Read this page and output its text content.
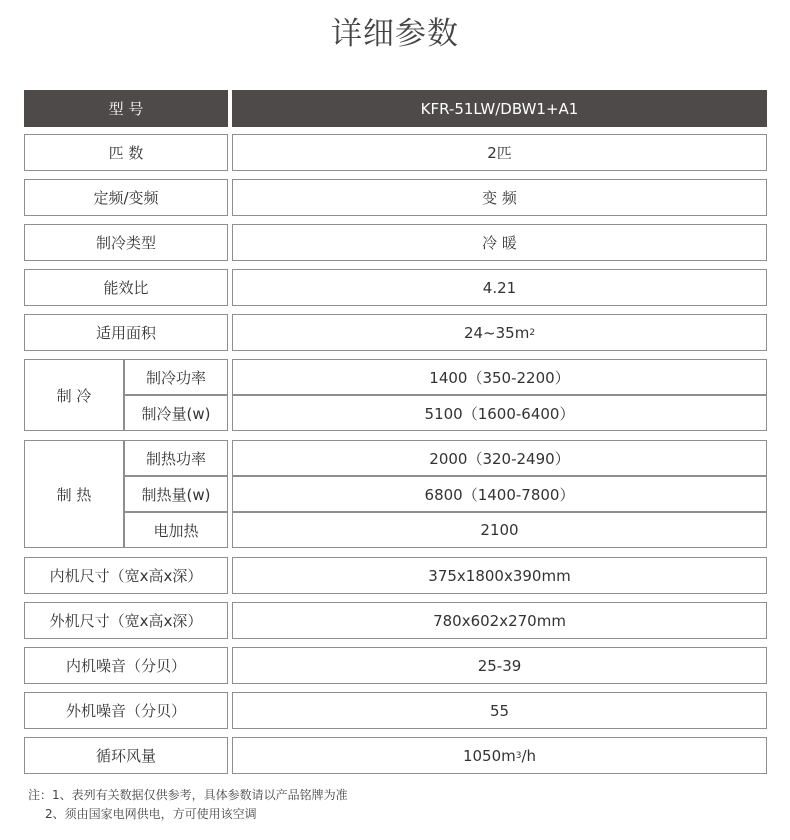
详细参数
型 号	KFR-51LW/DBW1+A1
匹 数	2匹
定频/变频	变 频
制冷类型	冷 暖
能效比	4.21
适用面积	24~35m 2
制 冷
制冷功率	1400（350-2200）
制冷量(w)	5100（1600-6400）
制 热
制热功率	2000（320-2490）
制热量(w)	6800（1400-7800）
电加热	2100
内机尺寸（宽x高x深）	375x1800x390mm
外机尺寸（宽x高x深）	780x602x270mm
内机噪音（分贝）	25-39
外机噪音（分贝）	55
循环风量	1050m 3 /h
注：1、表列有关数据仅供参考，具体参数请以产品铭牌为准
2、须由国家电网供电，方可使用该空调
